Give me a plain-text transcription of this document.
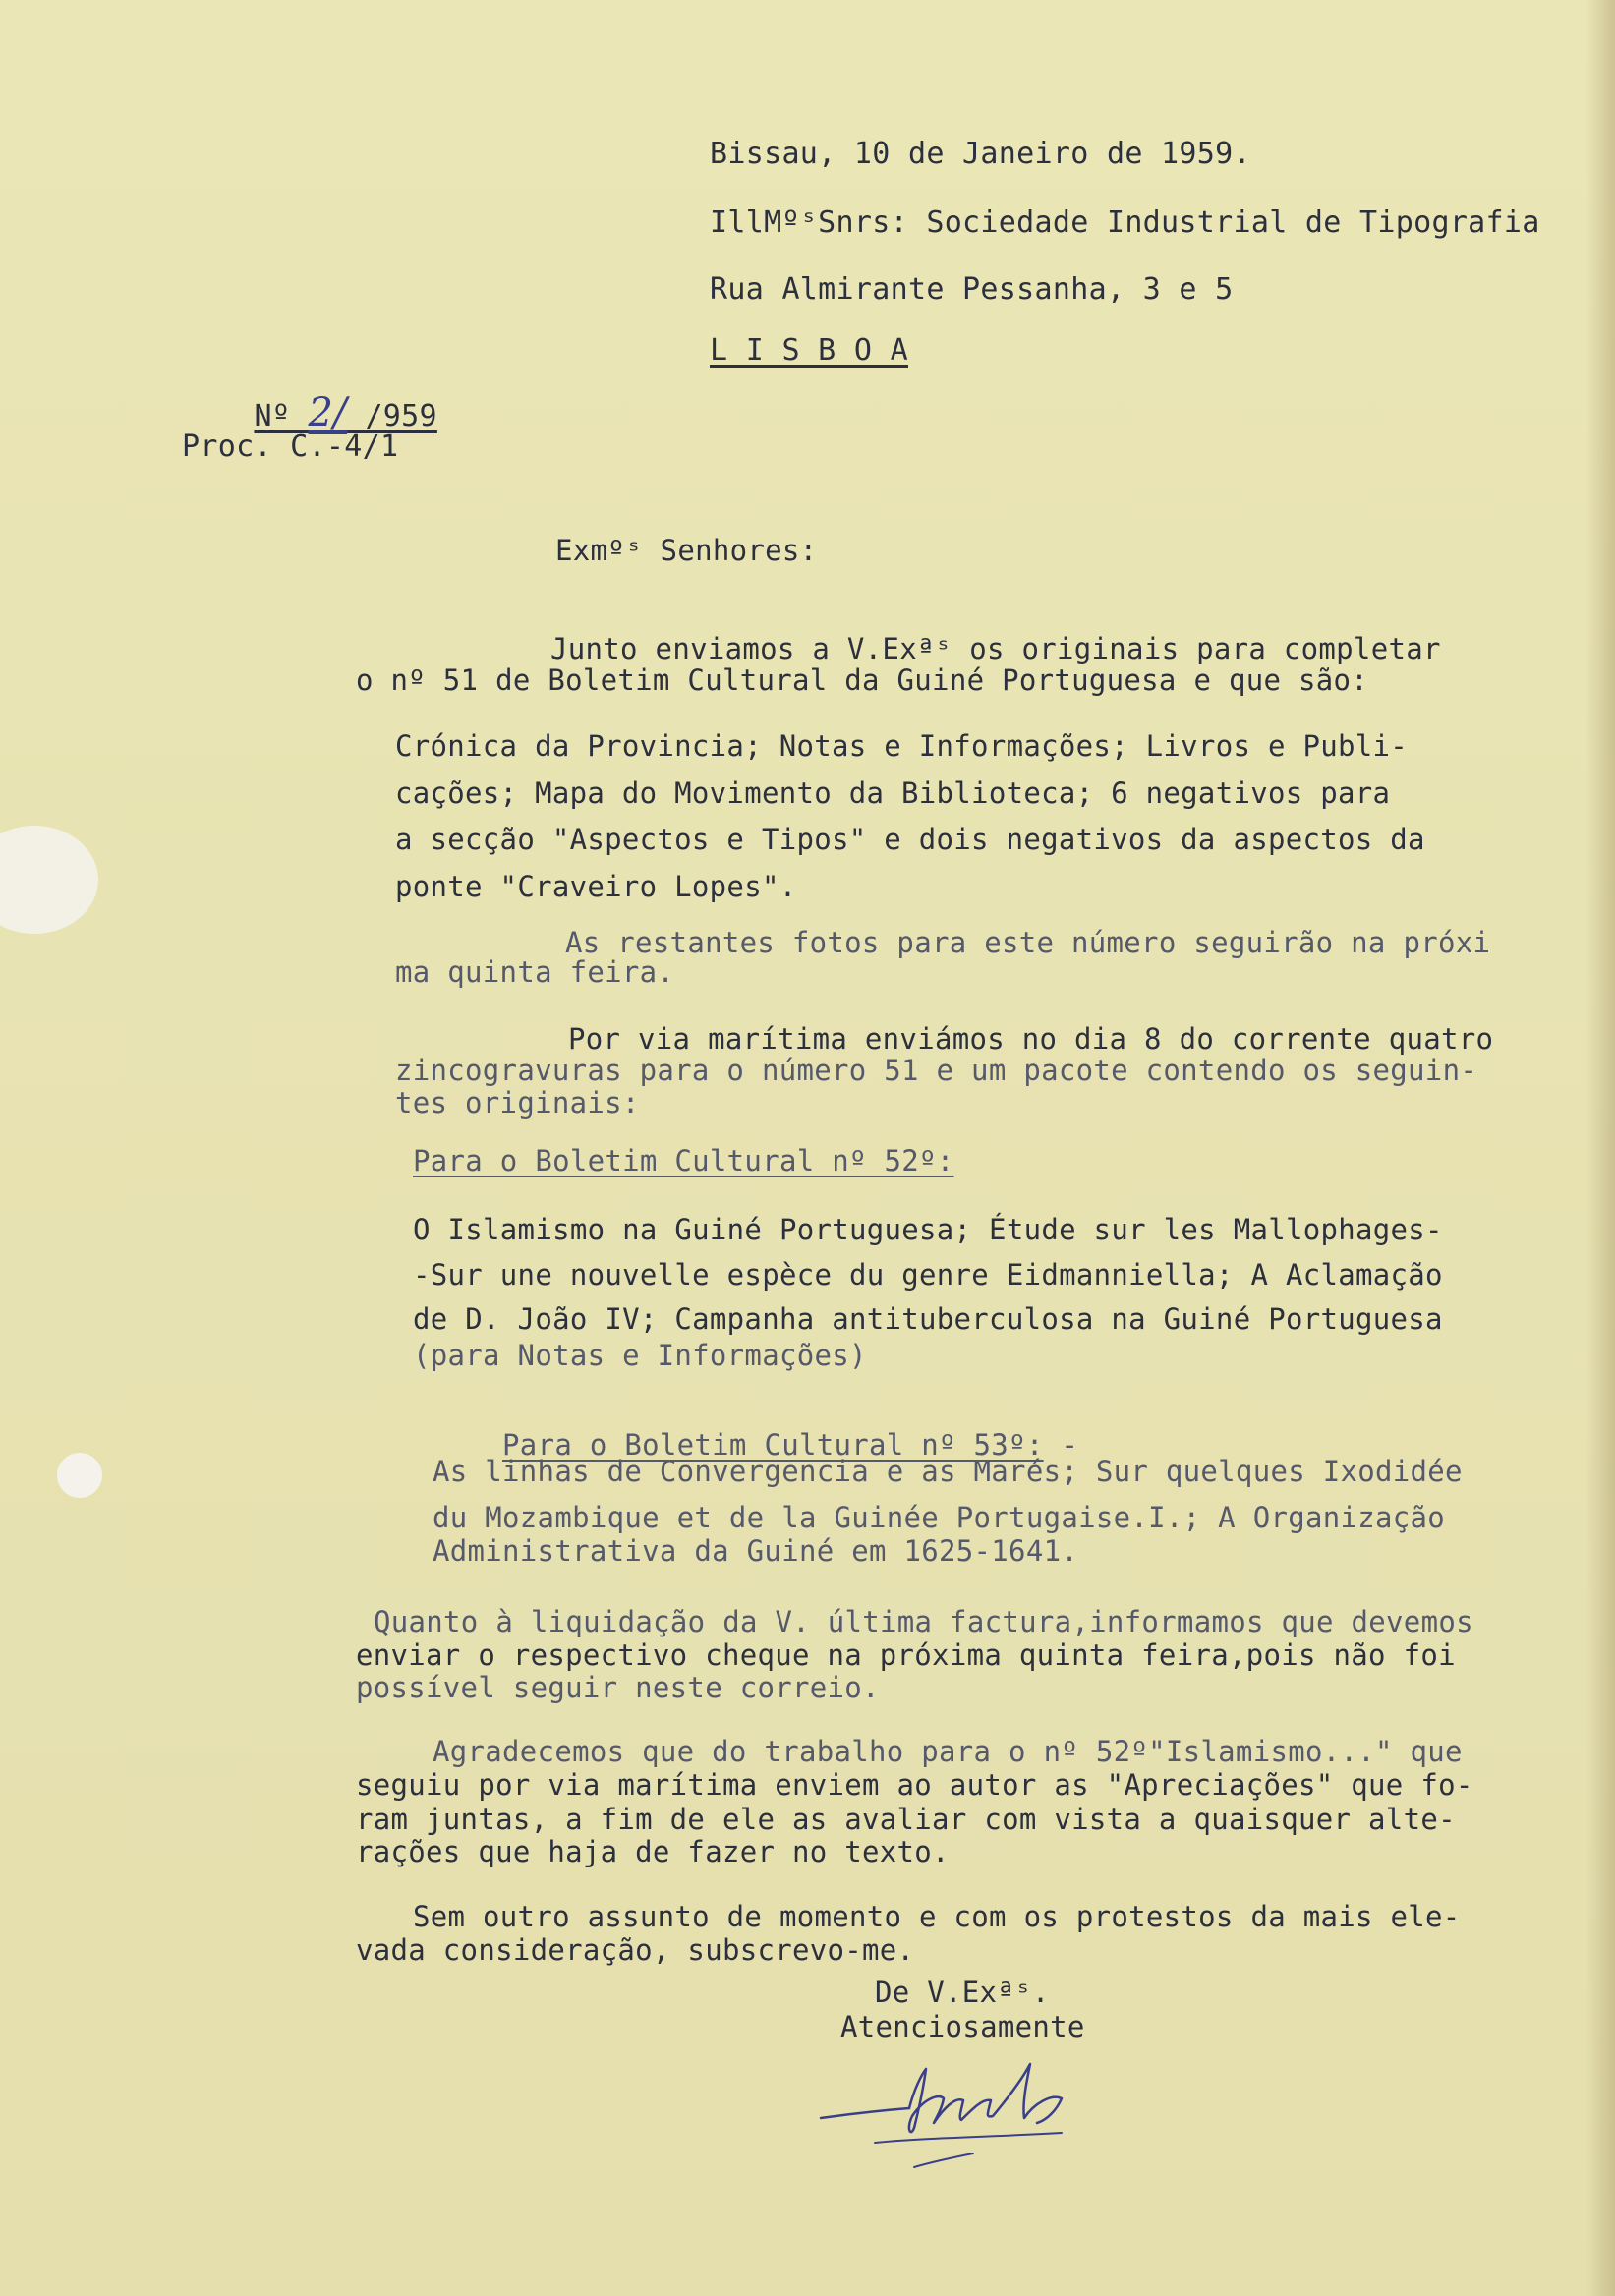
Bissau, 10 de Janeiro de 1959.
IllMºˢSnrs: Sociedade Industrial de Tipografia
Rua Almirante Pessanha, 3 e 5
L I S B O A

Nº 2/ /959

Proc. C.-4/1
Exmºˢ Senhores:
Junto enviamos a V.Exªˢ os originais para completar
o nº 51 de Boletim Cultural da Guiné Portuguesa e que são:
Crónica da Provincia; Notas e Informações; Livros e Publi-
cações; Mapa do Movimento da Biblioteca; 6 negativos para
a secção "Aspectos e Tipos" e dois negativos da aspectos da
ponte "Craveiro Lopes".
As restantes fotos para este número seguirão na próxi
ma quinta feira.
Por via marítima enviámos no dia 8 do corrente quatro
zincogravuras para o número 51 e um pacote contendo os seguin-
tes originais:
Para o Boletim Cultural nº 52º:
O Islamismo na Guiné Portuguesa; Étude sur les Mallophages-
-Sur une nouvelle espèce du genre Eidmanniella; A Aclamação
de D. João IV; Campanha antituberculosa na Guiné Portuguesa
(para Notas e Informações)

Para o Boletim Cultural nº 53º: -

As linhas de Convergencia e as Marés; Sur quelques Ixodidée
du Mozambique et de la Guinée Portugaise.I.; A Organização
Administrativa da Guiné em 1625-1641.
Quanto à liquidação da V. última factura,informamos que devemos
enviar o respectivo cheque na próxima quinta feira,pois não foi
possível seguir neste correio.
Agradecemos que do trabalho para o nº 52º"Islamismo..." que
seguiu por via marítima enviem ao autor as "Apreciações" que fo-
ram juntas, a fim de ele as avaliar com vista a quaisquer alte-
rações que haja de fazer no texto.
Sem outro assunto de momento e com os protestos da mais ele-
vada consideração, subscrevo-me.
De V.Exªˢ.
Atenciosamente
